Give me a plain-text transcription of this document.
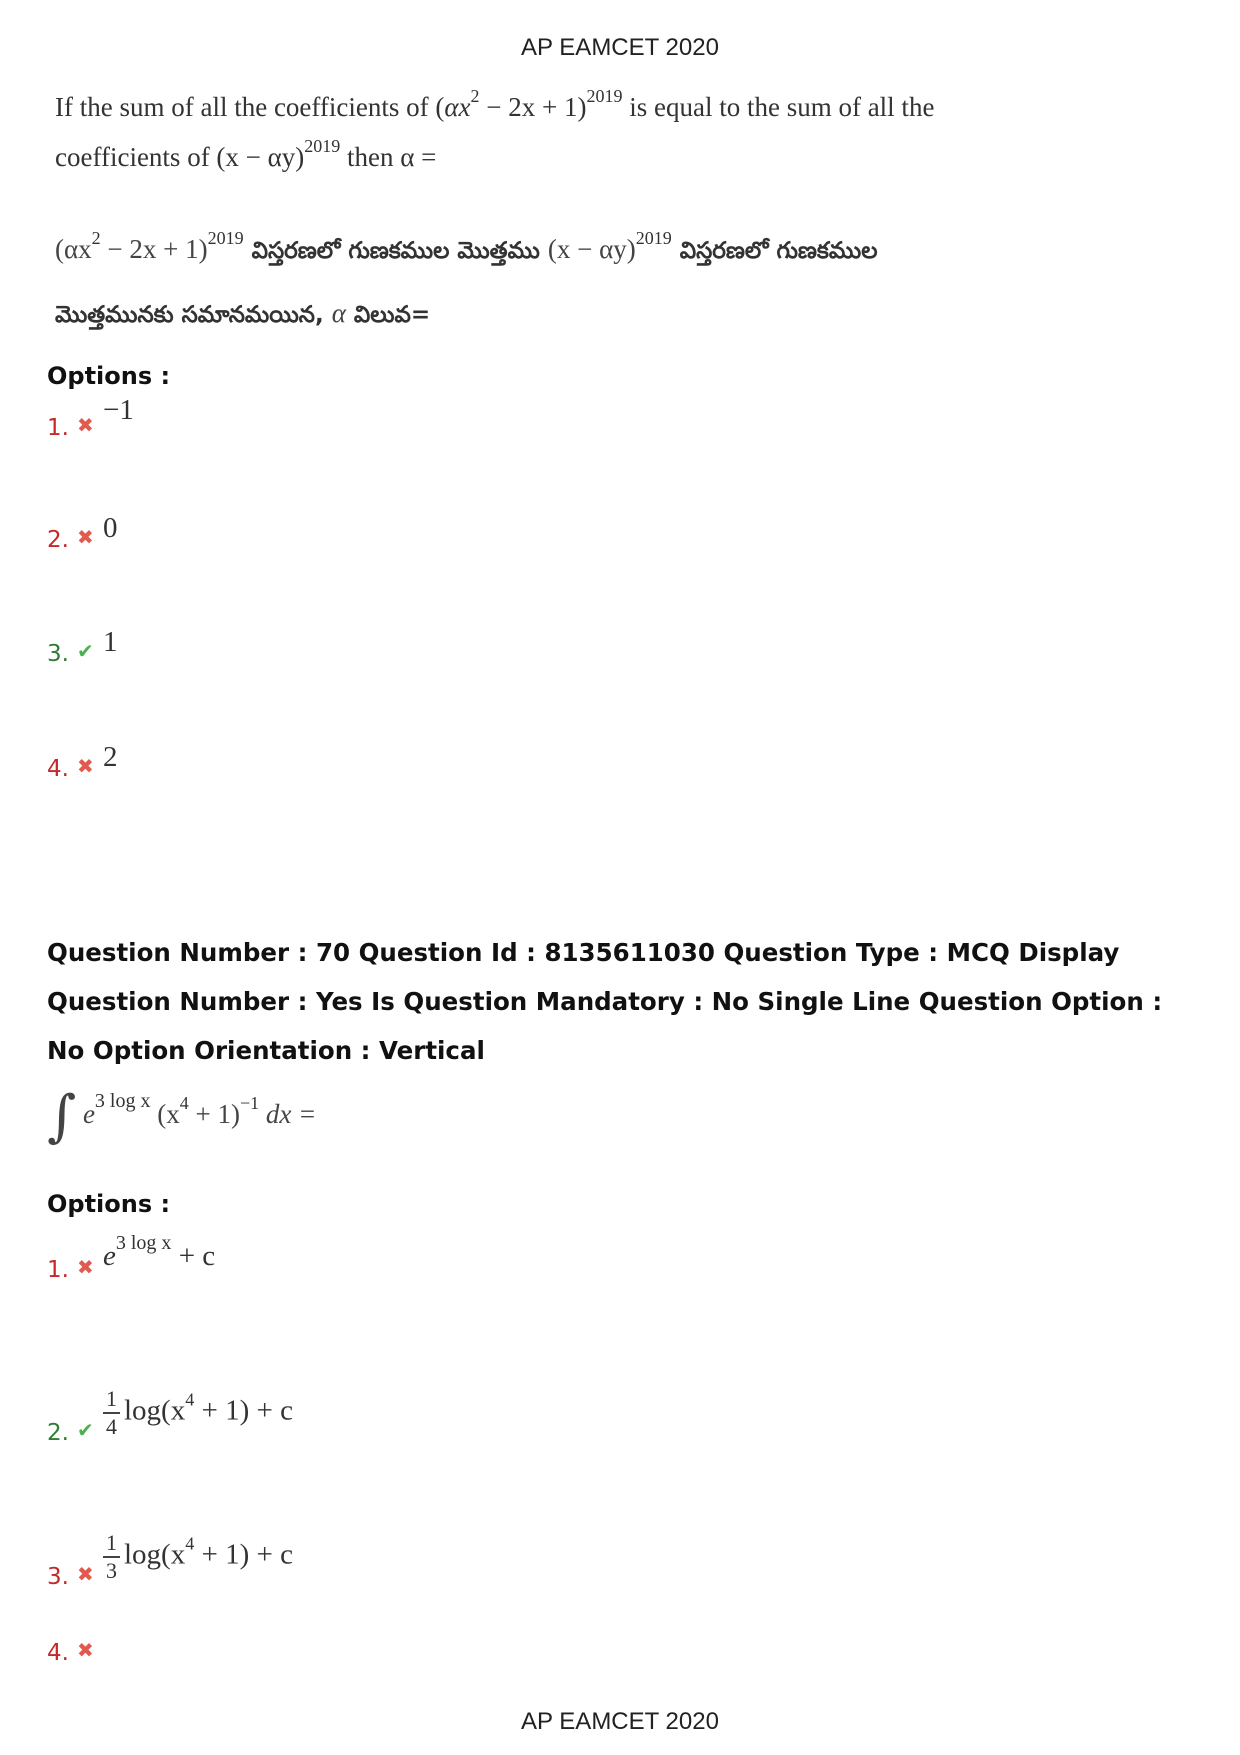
AP EAMCET 2020
If the sum of all the coefficients of $(\alpha x^2 - 2x + 1)^{2019}$ is equal to the sum of all the
coefficients of $(x - \alpha y)^{2019}$ then α =
$(\alpha x^2 - 2x + 1)^{2019}$ విస్తరణలో గుణకముల మొత్తము $(x - \alpha y)^{2019}$ విస్తరణలో గుణకముల
మొత్తమునకు సమానమయిన, α విలువ=
Options :
1. ✖ −1
2. ✖ 0
3. ✔ 1
4. ✖ 2
Question Number : 70 Question Id : 8135611030 Question Type : MCQ Display Question Number : Yes Is Question Mandatory : No Single Line Question Option : No Option Orientation : Vertical
∫ $e^{3 log x}$ $(x^4 + 1)^{-1}$ dx =
Options :
1. ✖ $e^{3 log x} + c$
2. ✔ $\frac{1}{4} \log(x^4 + 1) + c$
3. ✖ $\frac{1}{3} \log(x^4 + 1) + c$
4. ✖
AP EAMCET 2020
